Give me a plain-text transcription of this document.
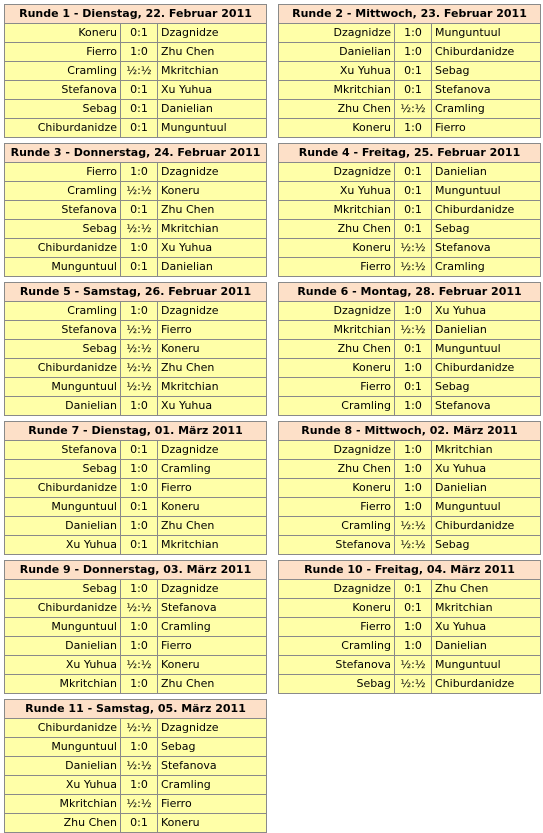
Runde 1 - Dienstag, 22. Februar 2011
Koneru	0:1	Dzagnidze
Fierro	1:0	Zhu Chen
Cramling ½:½ Mkritchian
Stefanova	0:1	Xu Yuhua
Sebag	0:1	Danielian
Chiburdanidze	0:1	Munguntuul
Runde 2 - Mittwoch, 23. Februar 2011
Dzagnidze	1:0	Munguntuul
Danielian	1:0	Chiburdanidze
Xu Yuhua	0:1	Sebag
Mkritchian	0:1	Stefanova
Zhu Chen ½:½ Cramling
Koneru	1:0	Fierro
Runde 3 - Donnerstag, 24. Februar 2011
Fierro	1:0	Dzagnidze
Cramling ½:½ Koneru
Stefanova	0:1	Zhu Chen
Sebag ½:½ Mkritchian
Chiburdanidze	1:0	Xu Yuhua
Munguntuul	0:1	Danielian
Runde 4 - Freitag, 25. Februar 2011
Dzagnidze	0:1	Danielian
Xu Yuhua	0:1	Munguntuul
Mkritchian	0:1	Chiburdanidze
Zhu Chen	0:1	Sebag
Koneru ½:½ Stefanova
Fierro ½:½ Cramling
Runde 5 - Samstag, 26. Februar 2011
Cramling	1:0	Dzagnidze
Stefanova ½:½ Fierro
Sebag ½:½ Koneru
Chiburdanidze ½:½ Zhu Chen
Munguntuul ½:½ Mkritchian
Danielian	1:0	Xu Yuhua
Runde 6 - Montag, 28. Februar 2011
Dzagnidze	1:0	Xu Yuhua
Mkritchian ½:½ Danielian
Zhu Chen	0:1	Munguntuul
Koneru	1:0	Chiburdanidze
Fierro	0:1	Sebag
Cramling	1:0	Stefanova
Runde 7 - Dienstag, 01. März 2011
Stefanova	0:1	Dzagnidze
Sebag	1:0	Cramling
Chiburdanidze	1:0	Fierro
Munguntuul	0:1	Koneru
Danielian	1:0	Zhu Chen
Xu Yuhua	0:1	Mkritchian
Runde 8 - Mittwoch, 02. März 2011
Dzagnidze	1:0	Mkritchian
Zhu Chen	1:0	Xu Yuhua
Koneru	1:0	Danielian
Fierro	1:0	Munguntuul
Cramling ½:½ Chiburdanidze
Stefanova ½:½ Sebag
Runde 9 - Donnerstag, 03. März 2011
Sebag	1:0	Dzagnidze
Chiburdanidze ½:½ Stefanova
Munguntuul	1:0	Cramling
Danielian	1:0	Fierro
Xu Yuhua ½:½ Koneru
Mkritchian	1:0	Zhu Chen
Runde 10 - Freitag, 04. März 2011
Dzagnidze	0:1	Zhu Chen
Koneru	0:1	Mkritchian
Fierro	1:0	Xu Yuhua
Cramling	1:0	Danielian
Stefanova ½:½ Munguntuul
Sebag ½:½ Chiburdanidze
Runde 11 - Samstag, 05. März 2011
Chiburdanidze ½:½ Dzagnidze
Munguntuul	1:0	Sebag
Danielian ½:½ Stefanova
Xu Yuhua	1:0	Cramling
Mkritchian ½:½ Fierro
Zhu Chen	0:1	Koneru
